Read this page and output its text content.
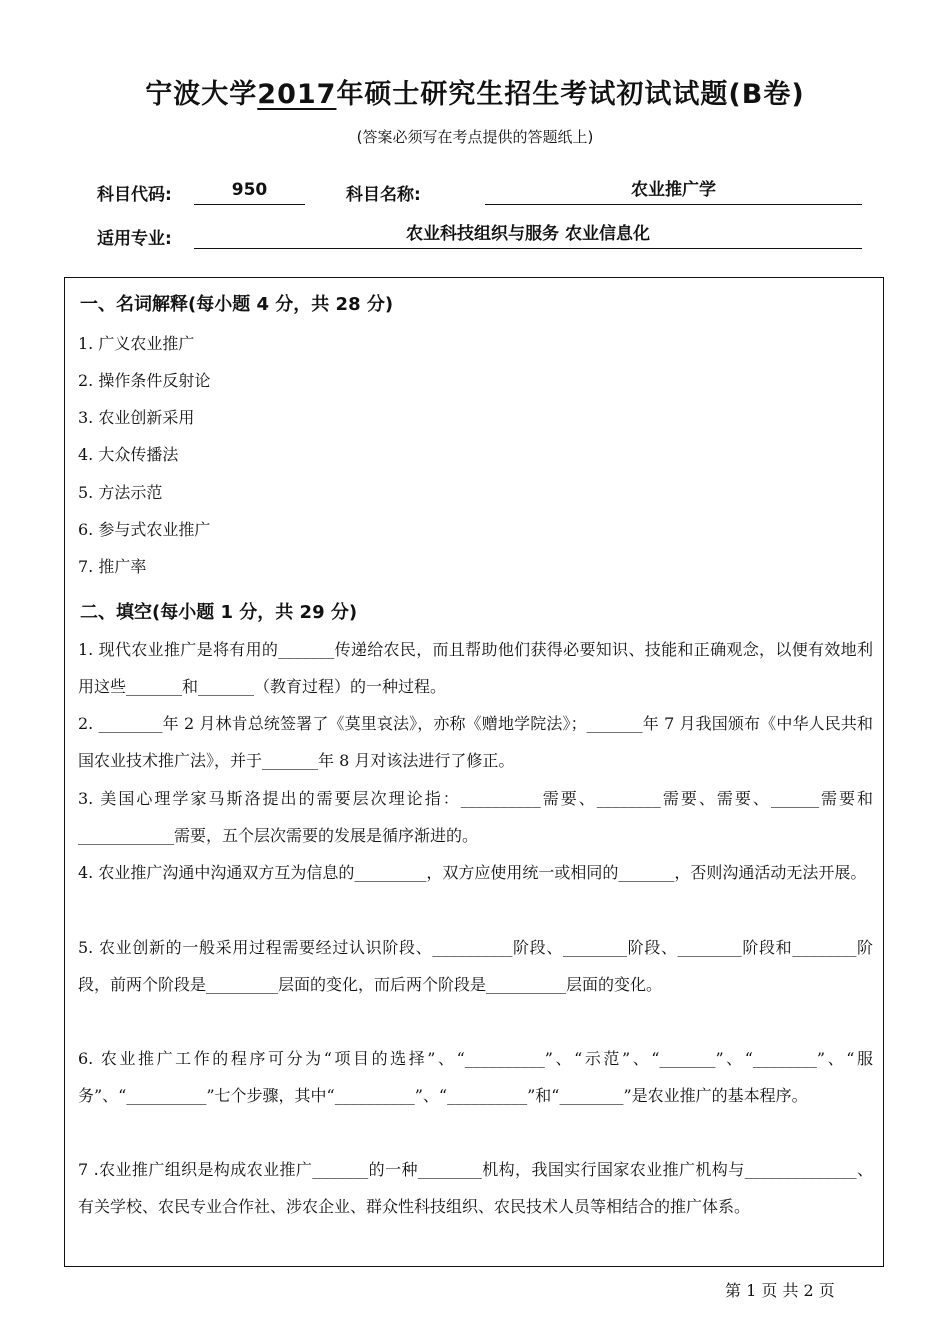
宁波大学2017年硕士研究生招生考试初试试题(B卷)
(答案必须写在考点提供的答题纸上)
科目代码:	950	科目名称:	农业推广学
适用专业:	农业科技组织与服务 农业信息化
一、名词解释(每小题 4 分，共 28 分)
1. 广义农业推广
2. 操作条件反射论
3. 农业创新采用
4. 大众传播法
5. 方法示范
6. 参与式农业推广
7. 推广率
二、填空(每小题 1 分，共 29 分)
1. 现代农业推广是将有用的_______传递给农民，而且帮助他们获得必要知识、技能和正确观念，以便有效地利用这些_______和_______（教育过程）的一种过程。
2. ________年 2 月林肯总统签署了《莫里哀法》，亦称《赠地学院法》；_______年 7 月我国颁布《中华人民共和国农业技术推广法》，并于_______年 8 月对该法进行了修正。
3. 美国心理学家马斯洛提出的需要层次理论指：__________需要、________需要、需要、______需要和____________需要，五个层次需要的发展是循序渐进的。
4. 农业推广沟通中沟通双方互为信息的_________，双方应使用统一或相同的_______，否则沟通活动无法开展。
5. 农业创新的一般采用过程需要经过认识阶段、__________阶段、________阶段、________阶段和________阶段，前两个阶段是_________层面的变化，而后两个阶段是__________层面的变化。
6. 农业推广工作的程序可分为“项目的选择”、“__________”、“示范”、“_______”、“________”、“服务”、“__________”七个步骤，其中“__________”、“__________”和“________”是农业推广的基本程序。
7 .农业推广组织是构成农业推广_______的一种________机构，我国实行国家农业推广机构与______________、有关学校、农民专业合作社、涉农企业、群众性科技组织、农民技术人员等相结合的推广体系。
第 1 页 共 2 页
